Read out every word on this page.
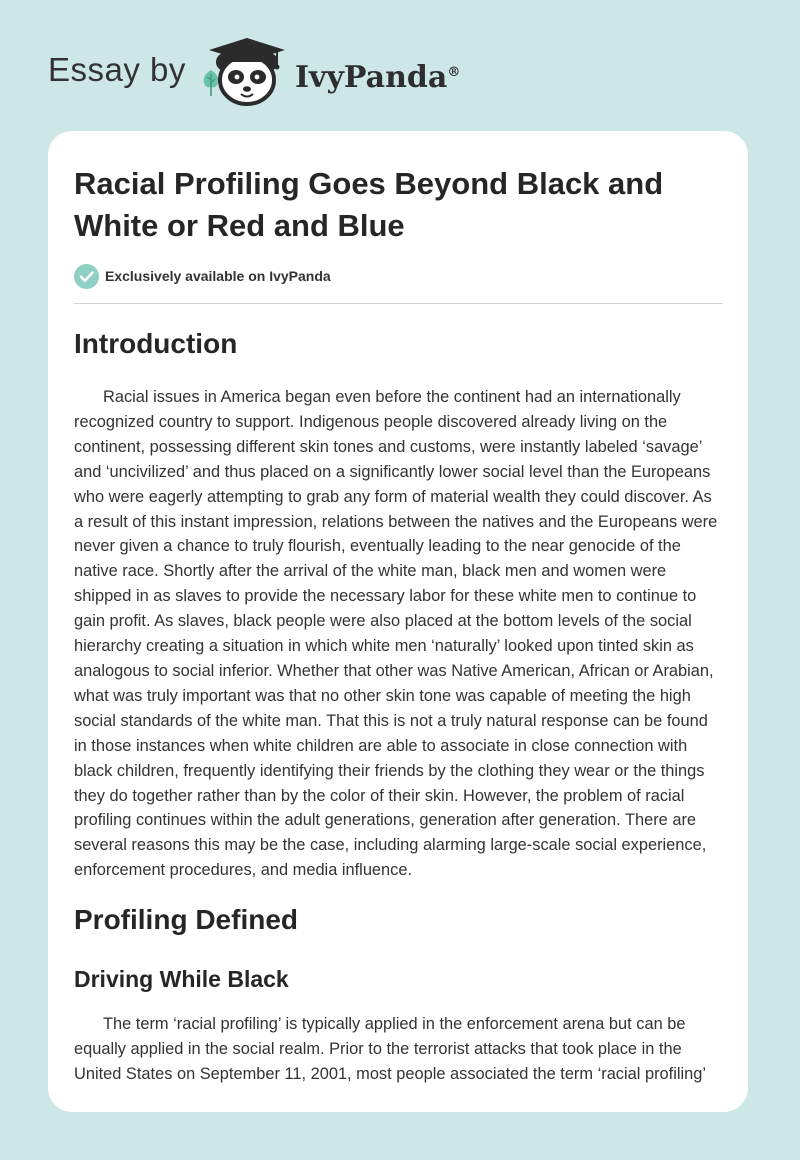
Essay by	IvyPanda®
Racial Profiling Goes Beyond Black and White or Red and Blue
Exclusively available on IvyPanda
Introduction

Racial issues in America began even before the continent had an internationally recognized country to support. Indigenous people discovered already living on the continent, possessing different skin tones and customs, were instantly labeled ‘savage’ and ‘uncivilized’ and thus placed on a significantly lower social level than the Europeans who were eagerly attempting to grab any form of material wealth they could discover. As a result of this instant impression, relations between the natives and the Europeans were never given a chance to truly flourish, eventually leading to the near genocide of the native race. Shortly after the arrival of the white man, black men and women were shipped in as slaves to provide the necessary labor for these white men to continue to gain profit. As slaves, black people were also placed at the bottom levels of the social hierarchy creating a situation in which white men ‘naturally’ looked upon tinted skin as analogous to social inferior. Whether that other was Native American, African or Arabian, what was truly important was that no other skin tone was capable of meeting the high social standards of the white man. That this is not a truly natural response can be found in those instances when white children are able to associate in close connection with black children, frequently identifying their friends by the clothing they wear or the things they do together rather than by the color of their skin. However, the problem of racial profiling continues within the adult generations, generation after generation. There are several reasons this may be the case, including alarming large-scale social experience, enforcement procedures, and media influence.

Profiling Defined
Driving While Black

The term ‘racial profiling’ is typically applied in the enforcement arena but can be equally applied in the social realm. Prior to the terrorist attacks that took place in the United States on September 11, 2001, most people associated the term ‘racial profiling’
